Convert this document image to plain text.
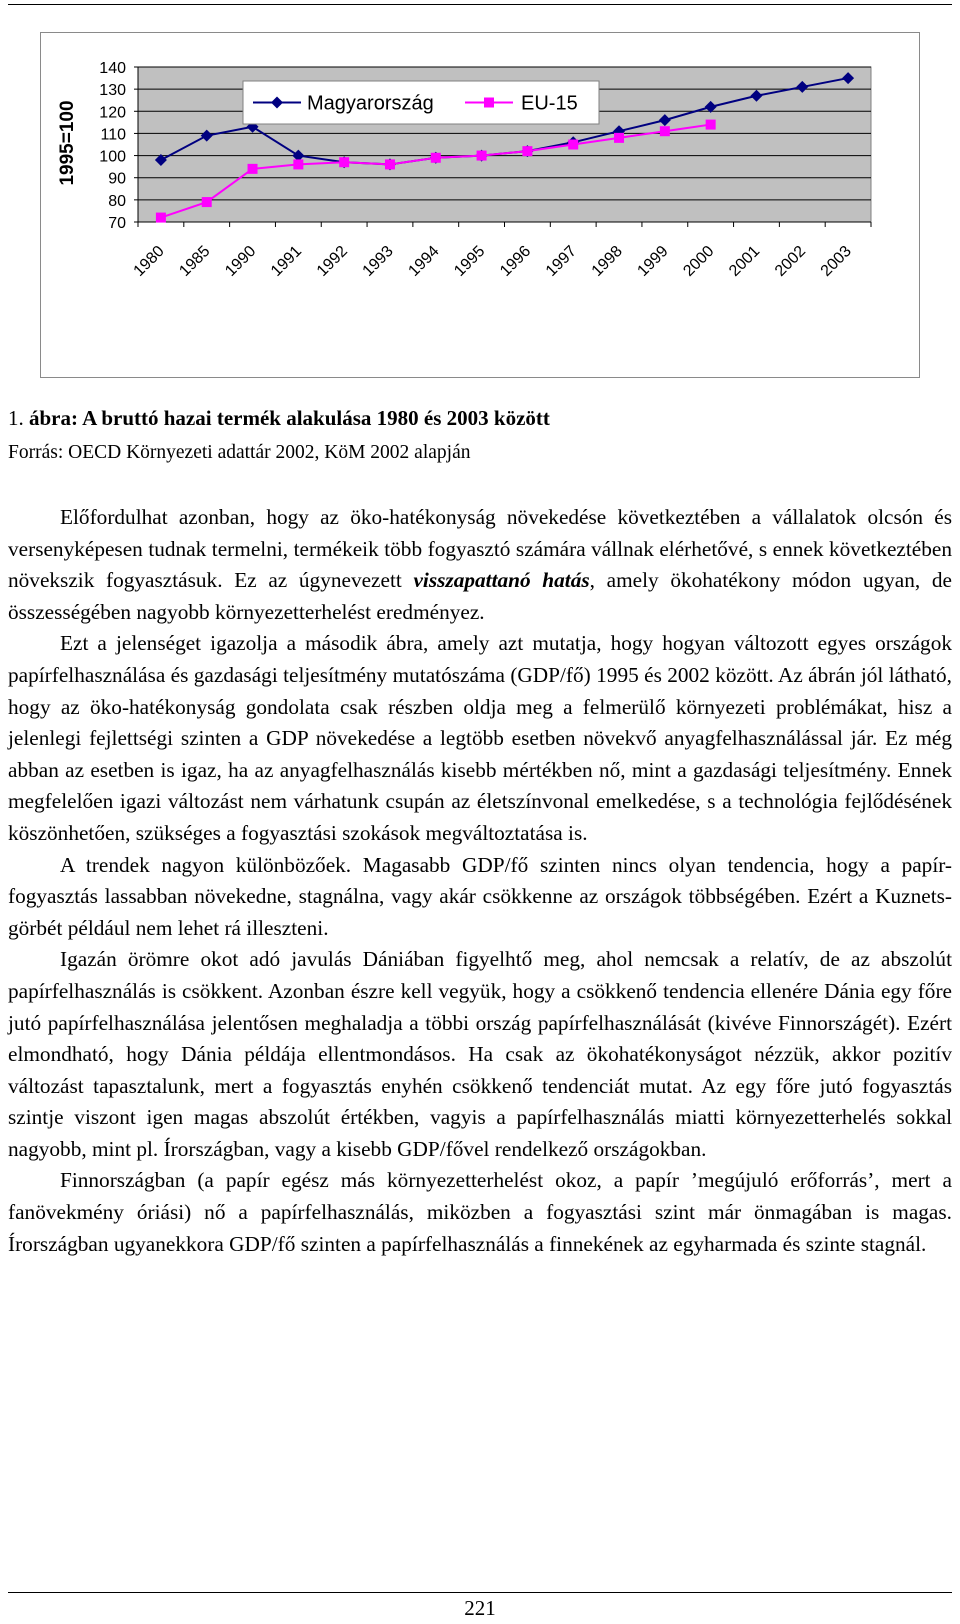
70
80
90
100
110
120
130
140
1980 1985 1990 1991 1992 1993 1994 1995 1996 1997 1998 1999 2000 2001 2002 2003
1995=100	Magyarország	EU-15
1. ábra: A bruttó hazai termék alakulása 1980 és 2003 között
Forrás: OECD Környezeti adattár 2002, KöM 2002 alapján

Előfordulhat azonban, hogy az öko-hatékonyság növekedése következtében a vállalatok olcsón és versenyképesen tudnak termelni, termékeik több fogyasztó számára vállnak elérhetővé, s ennek következtében növekszik fogyasztásuk. Ez az úgynevezett visszapattanó hatás, amely ökohatékony módon ugyan, de összességében nagyobb környezetterhelést eredményez.

Ezt a jelenséget igazolja a második ábra, amely azt mutatja, hogy hogyan változott egyes országok papírfelhasználása és gazdasági teljesítmény mutatószáma (GDP/fő) 1995 és 2002 között. Az ábrán jól látható, hogy az öko-hatékonyság gondolata csak részben oldja meg a felmerülő környezeti problémákat, hisz a jelenlegi fejlettségi szinten a GDP növekedése a legtöbb esetben növekvő anyagfelhasználással jár. Ez még abban az esetben is igaz, ha az anyagfelhasználás kisebb mértékben nő, mint a gazdasági teljesítmény. Ennek megfelelően igazi változást nem várhatunk csupán az életszínvonal emelkedése, s a technológia fejlődésének köszönhetően, szükséges a fogyasztási szokások megváltoztatása is.

A trendek nagyon különbözőek. Magasabb GDP/fő szinten nincs olyan tendencia, hogy a papír-fogyasztás lassabban növekedne, stagnálna, vagy akár csökkenne az országok többségében. Ezért a Kuznets-görbét például nem lehet rá illeszteni.

Igazán örömre okot adó javulás Dániában figyelhtő meg, ahol nemcsak a relatív, de az abszolút papírfelhasználás is csökkent. Azonban észre kell vegyük, hogy a csökkenő tendencia ellenére Dánia egy főre jutó papírfelhasználása jelentősen meghaladja a többi ország papírfelhasználását (kivéve Finnországét). Ezért elmondható, hogy Dánia példája ellentmondásos. Ha csak az ökohatékonyságot nézzük, akkor pozitív változást tapasztalunk, mert a fogyasztás enyhén csökkenő tendenciát mutat. Az egy főre jutó fogyasztás szintje viszont igen magas abszolút értékben, vagyis a papírfelhasználás miatti környezetterhelés sokkal nagyobb, mint pl. Írországban, vagy a kisebb GDP/fővel rendelkező országokban.

Finnországban (a papír egész más környezetterhelést okoz, a papír ’megújuló erőforrás’, mert a fanövekmény óriási) nő a papírfelhasználás, miközben a fogyasztási szint már önmagában is magas. Írországban ugyanekkora GDP/fő szinten a papírfelhasználás a finnekének az egyharmada és szinte stagnál.

221
